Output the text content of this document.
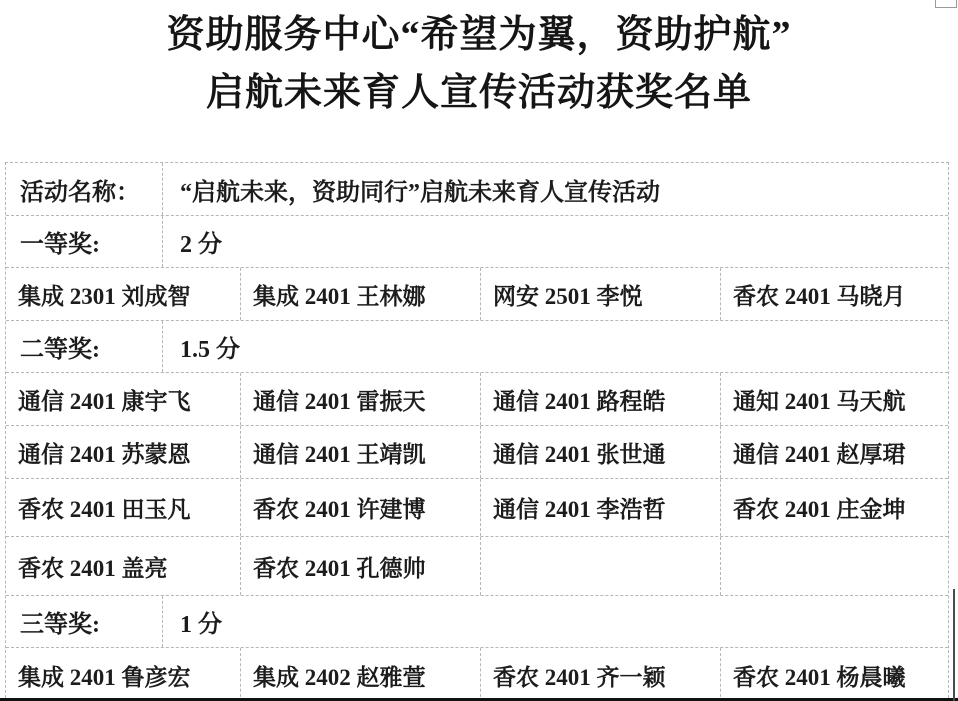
资助服务中心“希望为翼，资助护航”
启航未来育人宣传活动获奖名单
活动名称：	“启航未来，资助同行”启航未来育人宣传活动
一等奖:	2 分
集成 2301 刘成智	集成 2401 王林娜	网安 2501 李悦	香农 2401 马晓月
二等奖:	1.5 分
通信 2401 康宇飞	通信 2401 雷振天	通信 2401 路程皓	通知 2401 马天航
通信 2401 苏蒙恩	通信 2401 王靖凯	通信 2401 张世通	通信 2401 赵厚珺
香农 2401 田玉凡	香农 2401 许建博	通信 2401 李浩哲	香农 2401 庄金坤
香农 2401 盖亮	香农 2401 孔德帅
三等奖:	1 分
集成 2401 鲁彦宏	集成 2402 赵雅萱	香农 2401 齐一颖	香农 2401 杨晨曦
